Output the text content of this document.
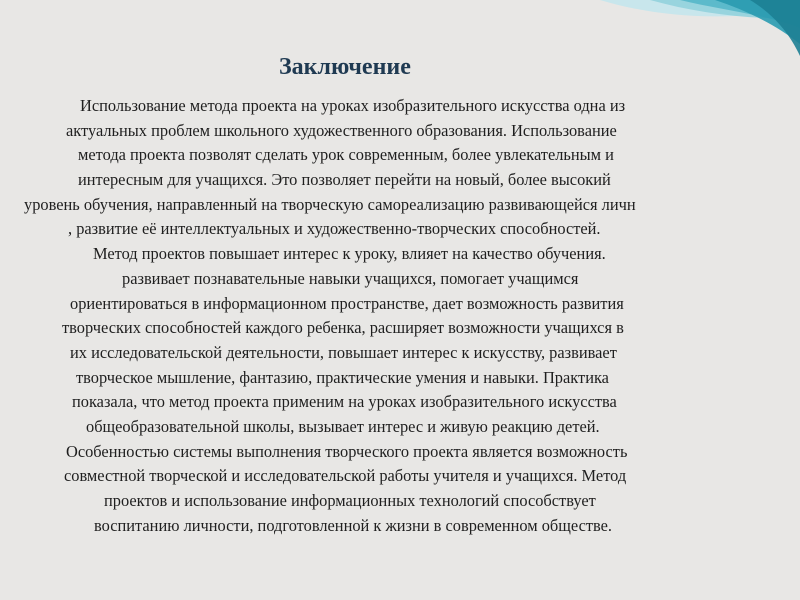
Заключение
Использование метода проекта на уроках изобразительного искусства одна из
актуальных проблем школьного художественного образования. Использование
метода проекта позволят сделать урок современным, более увлекательным и
интересным для учащихся. Это позволяет перейти на новый, более высокий
уровень обучения, направленный на творческую самореализацию развивающейся личн
, развитие её интеллектуальных и художественно-творческих способностей.
Метод проектов повышает интерес к уроку, влияет на качество обучения.
развивает познавательные навыки учащихся, помогает учащимся
ориентироваться в информационном пространстве, дает возможность развития
творческих способностей каждого ребенка, расширяет возможности учащихся в
их исследовательской деятельности, повышает интерес к искусству, развивает
творческое мышление, фантазию, практические умения и навыки. Практика
показала, что метод проекта применим на уроках изобразительного искусства
общеобразовательной школы, вызывает интерес и живую реакцию детей.
Особенностью системы выполнения творческого проекта является возможность
совместной творческой и исследовательской работы учителя и учащихся. Метод
проектов и использование информационных технологий способствует
воспитанию личности, подготовленной к жизни в современном обществе.
